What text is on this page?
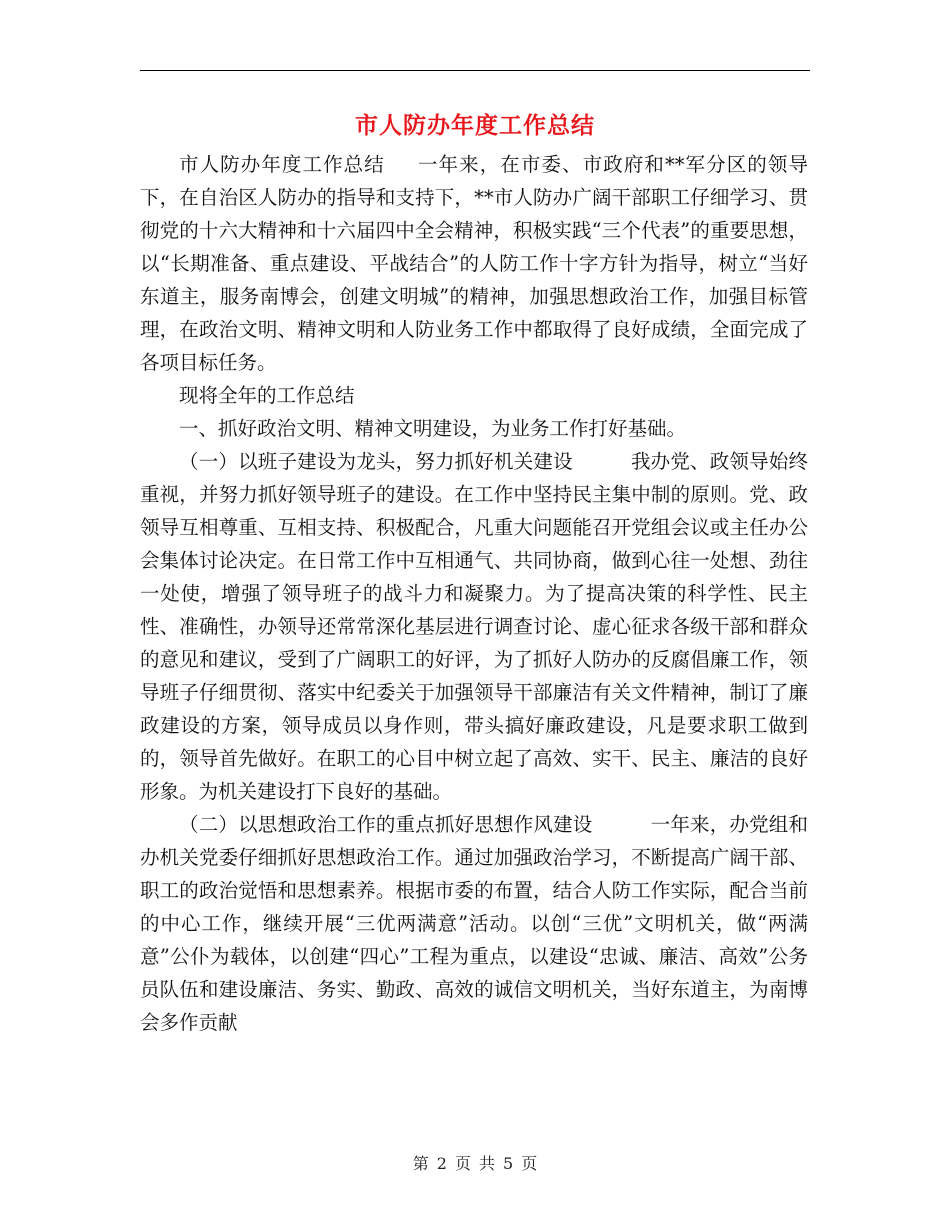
市人防办年度工作总结

市人防办年度工作总结 一年来，在市委、市政府和**军分区的领导下，在自治区人防办的指导和支持下，**市人防办广阔干部职工仔细学习、贯彻党的十六大精神和十六届四中全会精神，积极实践“三个代表”的重要思想，以“长期准备、重点建设、平战结合”的人防工作十字方针为指导，树立“当好东道主，服务南博会，创建文明城”的精神，加强思想政治工作，加强目标管理，在政治文明、精神文明和人防业务工作中都取得了良好成绩，全面完成了各项目标任务。

现将全年的工作总结

一、抓好政治文明、精神文明建设，为业务工作打好基础。

（一）以班子建设为龙头，努力抓好机关建设	我办党、政领导始终重视，并努力抓好领导班子的建设。在工作中坚持民主集中制的原则。党、政领导互相尊重、互相支持、积极配合，凡重大问题能召开党组会议或主任办公会集体讨论决定。在日常工作中互相通气、共同协商，做到心往一处想、劲往一处使，增强了领导班子的战斗力和凝聚力。为了提高决策的科学性、民主性、准确性，办领导还常常深化基层进行调查讨论、虚心征求各级干部和群众的意见和建议，受到了广阔职工的好评，为了抓好人防办的反腐倡廉工作，领导班子仔细贯彻、落实中纪委关于加强领导干部廉洁有关文件精神，制订了廉政建设的方案，领导成员以身作则，带头搞好廉政建设，凡是要求职工做到的，领导首先做好。在职工的心目中树立起了高效、实干、民主、廉洁的良好形象。为机关建设打下良好的基础。

（二）以思想政治工作的重点抓好思想作风建设	一年来，办党组和办机关党委仔细抓好思想政治工作。通过加强政治学习，不断提高广阔干部、职工的政治觉悟和思想素养。根据市委的布置，结合人防工作实际，配合当前的中心工作，继续开展“三优两满意”活动。以创“三优”文明机关，做“两满意”公仆为载体，以创建“四心”工程为重点，以建设“忠诚、廉洁、高效”公务员队伍和建设廉洁、务实、勤政、高效的诚信文明机关，当好东道主，为南博会多作贡献

第 2 页 共 5 页
